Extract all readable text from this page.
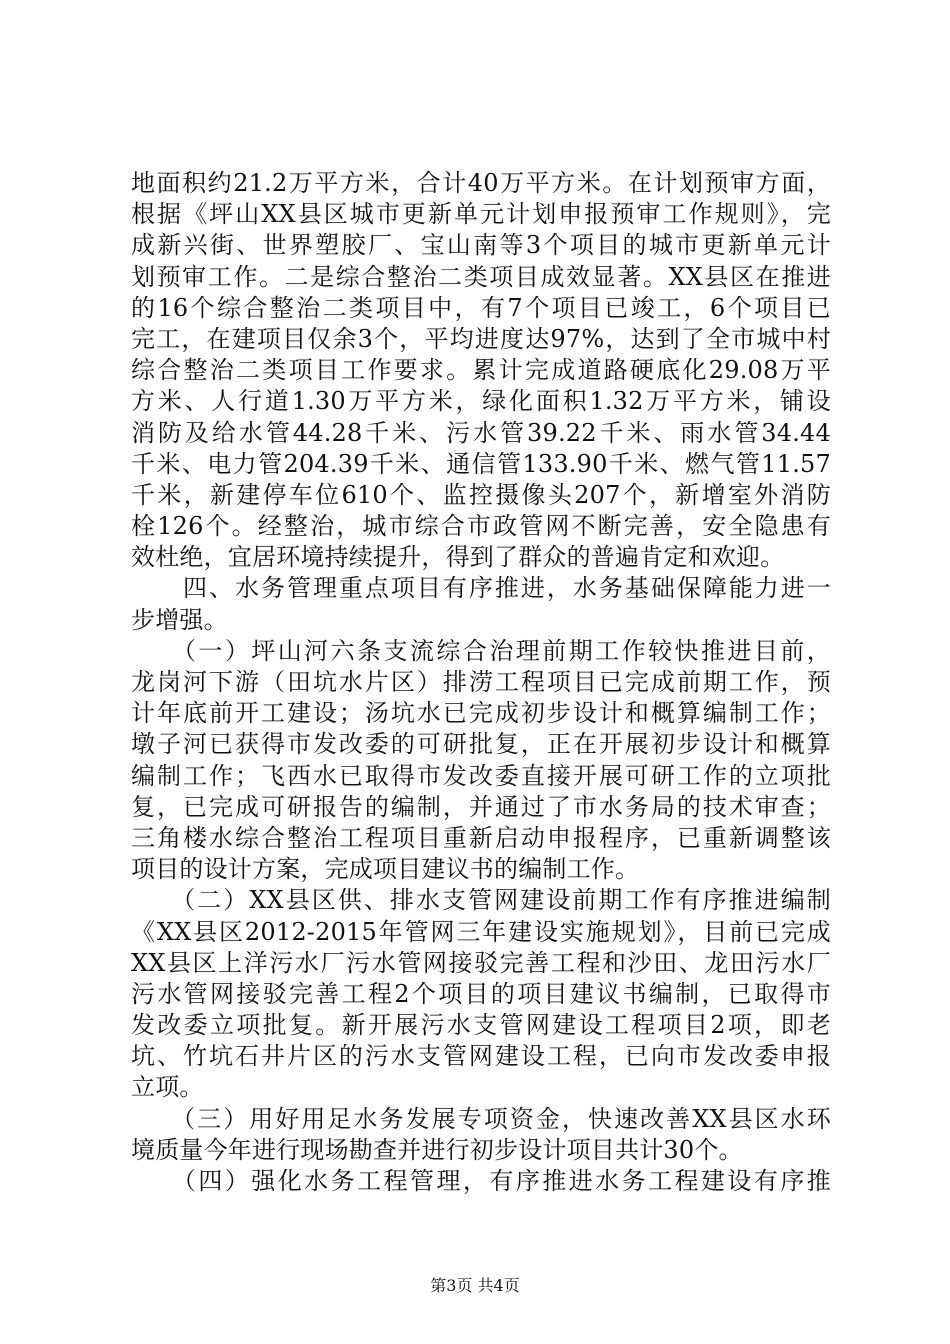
地面积约21.2万平方米，合计40万平方米。在计划预审方面，
根据《坪山XX县区城市更新单元计划申报预审工作规则》，完
成新兴街、世界塑胶厂、宝山南等3个项目的城市更新单元计
划预审工作。二是综合整治二类项目成效显著。XX县区在推进
的16个综合整治二类项目中，有7个项目已竣工，6个项目已
完工，在建项目仅余3个，平均进度达97%，达到了全市城中村
综合整治二类项目工作要求。累计完成道路硬底化29.08万平
方米、人行道1.30万平方米，绿化面积1.32万平方米，铺设
消防及给水管44.28千米、污水管39.22千米、雨水管34.44
千米、电力管204.39千米、通信管133.90千米、燃气管11.57
千米，新建停车位610个、监控摄像头207个，新增室外消防
栓126个。经整治，城市综合市政管网不断完善，安全隐患有
效杜绝，宜居环境持续提升，得到了群众的普遍肯定和欢迎。
　　四、水务管理重点项目有序推进，水务基础保障能力进一
步增强。
　　（一）坪山河六条支流综合治理前期工作较快推进目前，
龙岗河下游（田坑水片区）排涝工程项目已完成前期工作，预
计年底前开工建设；汤坑水已完成初步设计和概算编制工作；
墩子河已获得市发改委的可研批复，正在开展初步设计和概算
编制工作；飞西水已取得市发改委直接开展可研工作的立项批
复，已完成可研报告的编制，并通过了市水务局的技术审查；
三角楼水综合整治工程项目重新启动申报程序，已重新调整该
项目的设计方案，完成项目建议书的编制工作。
　　（二）XX县区供、排水支管网建设前期工作有序推进编制
《XX县区2012-2015年管网三年建设实施规划》，目前已完成
XX县区上洋污水厂污水管网接驳完善工程和沙田、龙田污水厂
污水管网接驳完善工程2个项目的项目建议书编制，已取得市
发改委立项批复。新开展污水支管网建设工程项目2项，即老
坑、竹坑石井片区的污水支管网建设工程，已向市发改委申报
立项。
　　（三）用好用足水务发展专项资金，快速改善XX县区水环
境质量今年进行现场勘查并进行初步设计项目共计30个。
　　（四）强化水务工程管理，有序推进水务工程建设有序推
第3页 共4页
